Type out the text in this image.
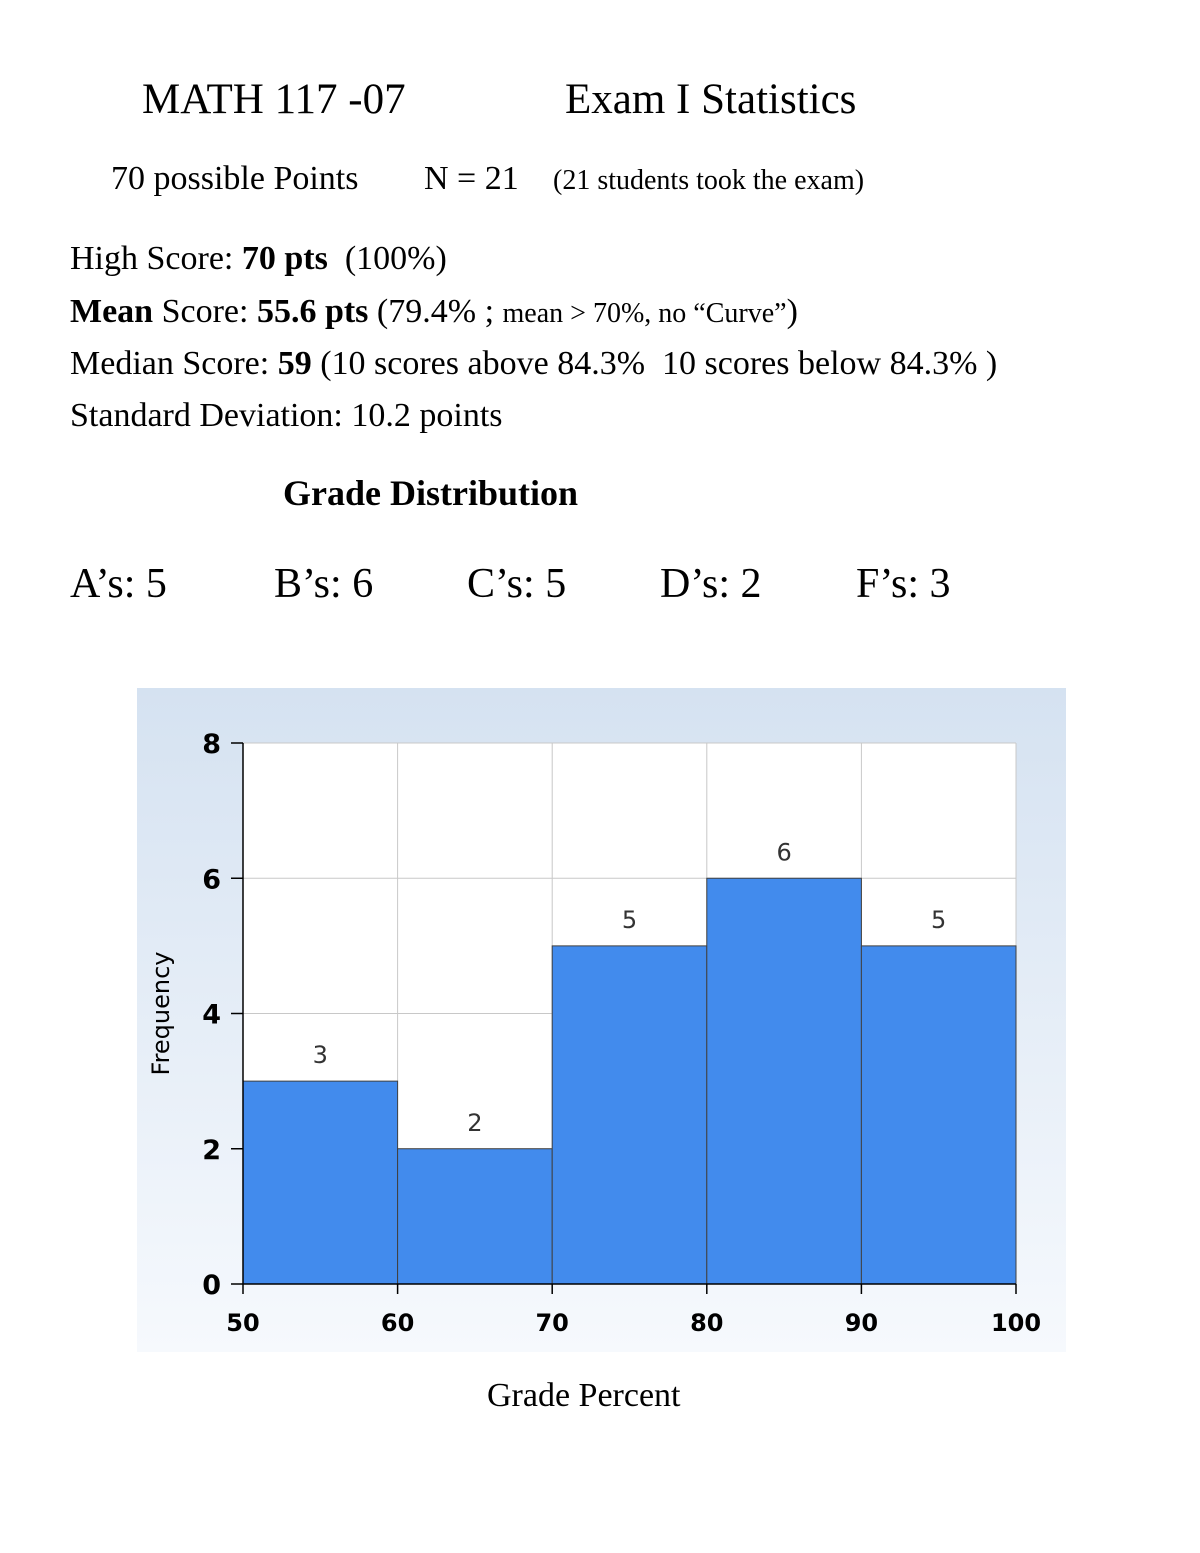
MATH 117 -07	Exam I Statistics
70 possible Points N = 21 (21 students took the exam)
High Score: 70 pts (100%)
Mean Score: 55.6 pts (79.4% ; mean > 70%, no “Curve”)
Median Score: 59 (10 scores above 84.3%  10 scores below 84.3% )
Standard Deviation: 10.2 points
Grade Distribution
A’s: 5	B’s: 6 C’s: 5 D’s: 2 F’s: 3
3
2
5
6
5
0
2
4
6
8
50	60	70	80	90	100
Frequency
Grade Percent
